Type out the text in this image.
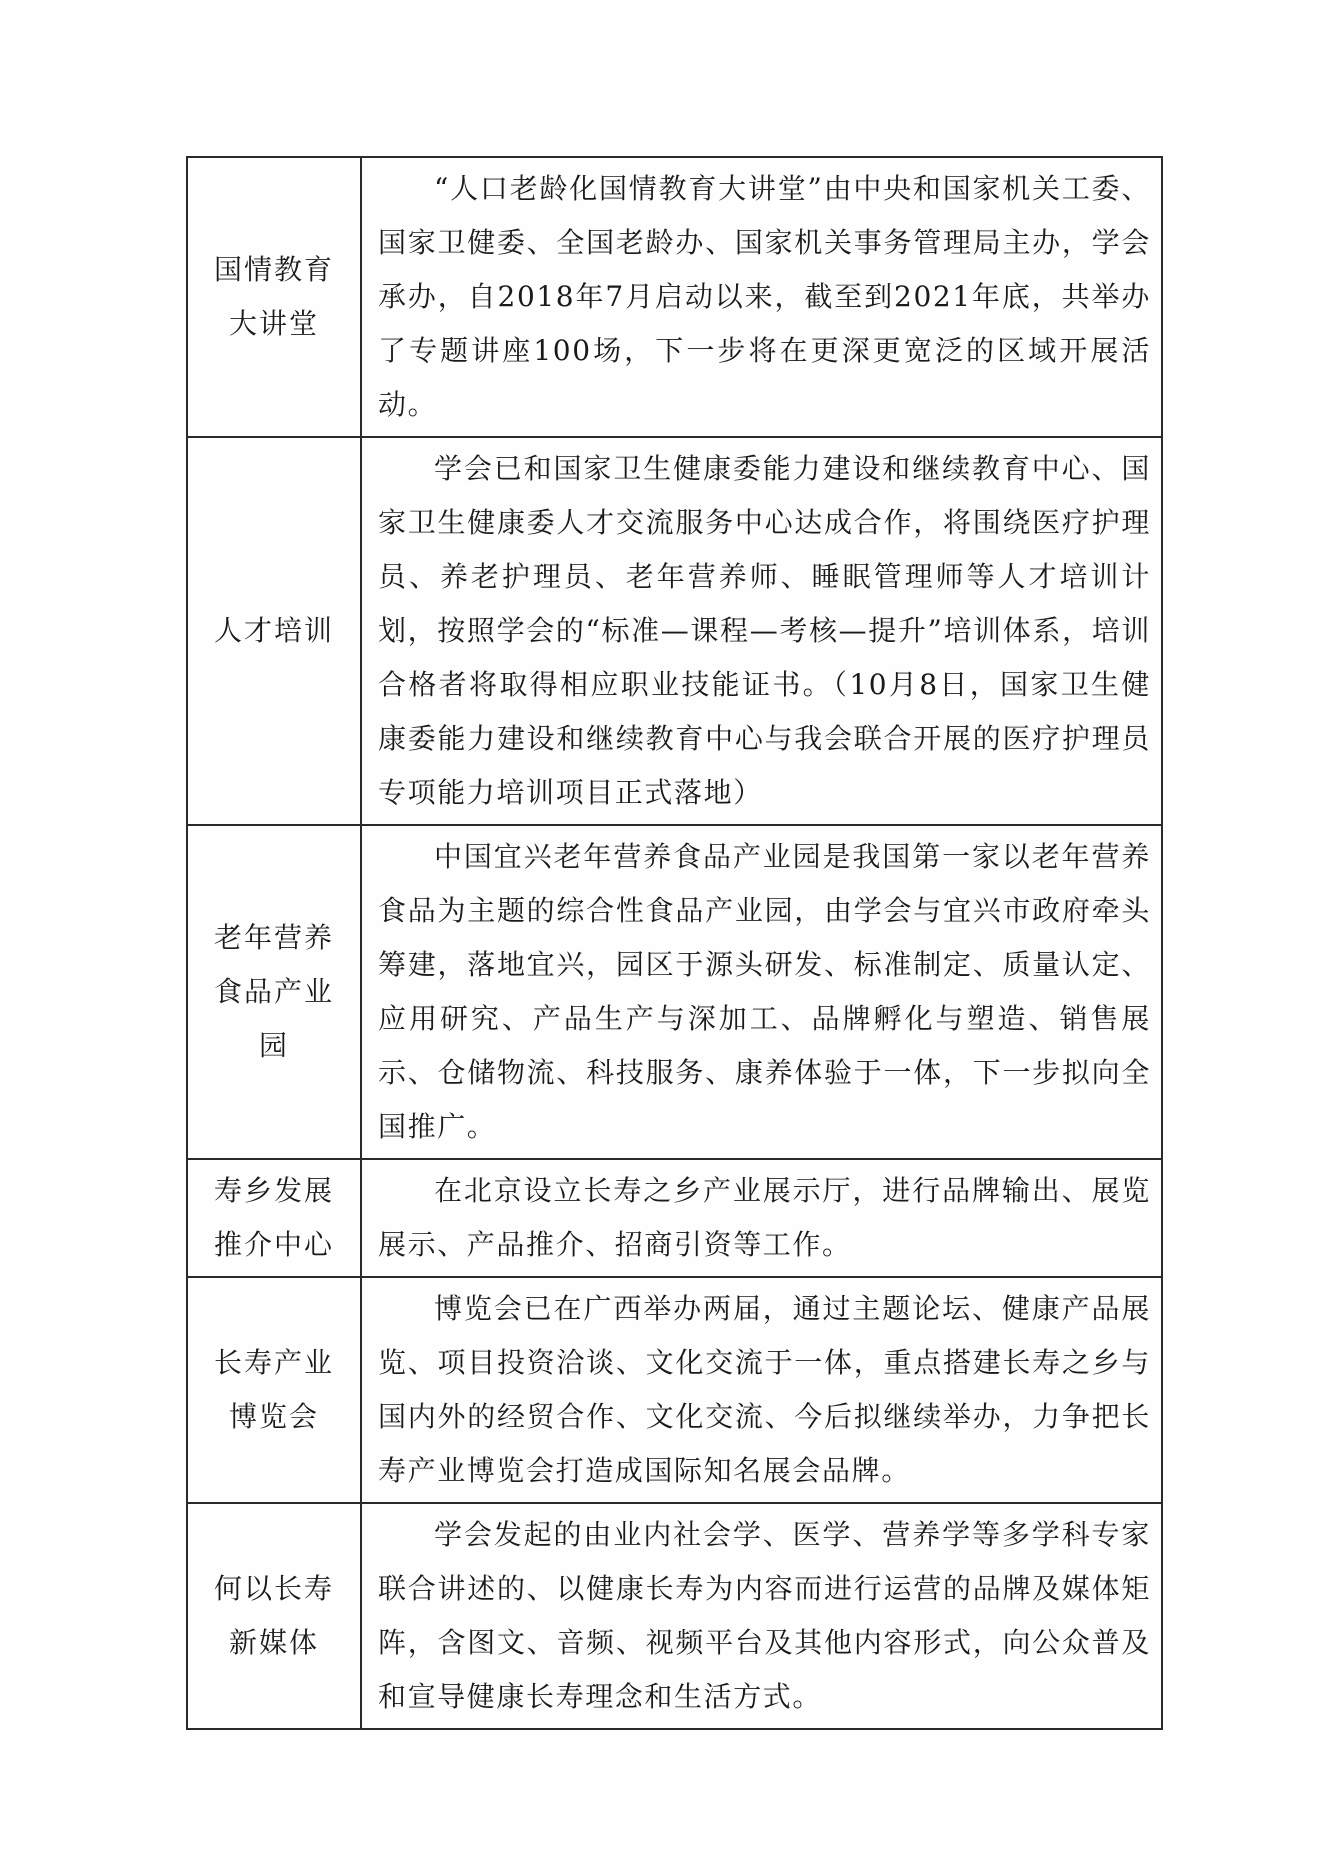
国情教育大讲堂	“人口老龄化国情教育大讲堂”由中央和国家机关工委、国家卫健委、全国老龄办、国家机关事务管理局主办，学会承办，自2018年7月启动以来，截至到2021年底，共举办了专题讲座100场，下一步将在更深更宽泛的区域开展活动。

人才培训	学会已和国家卫生健康委能力建设和继续教育中心、国家卫生健康委人才交流服务中心达成合作，将围绕医疗护理员、养老护理员、老年营养师、睡眠管理师等人才培训计划，按照学会的“标准—课程—考核—提升”培训体系，培训合格者将取得相应职业技能证书。（10月8日，国家卫生健康委能力建设和继续教育中心与我会联合开展的医疗护理员专项能力培训项目正式落地）

老年营养食品产业园	中国宜兴老年营养食品产业园是我国第一家以老年营养食品为主题的综合性食品产业园，由学会与宜兴市政府牵头筹建，落地宜兴，园区于源头研发、标准制定、质量认定、应用研究、产品生产与深加工、品牌孵化与塑造、销售展示、仓储物流、科技服务、康养体验于一体，下一步拟向全国推广。

寿乡发展推介中心	在北京设立长寿之乡产业展示厅，进行品牌输出、展览展示、产品推介、招商引资等工作。

长寿产业博览会	博览会已在广西举办两届，通过主题论坛、健康产品展览、项目投资洽谈、文化交流于一体，重点搭建长寿之乡与国内外的经贸合作、文化交流、今后拟继续举办，力争把长寿产业博览会打造成国际知名展会品牌。

何以长寿新媒体	学会发起的由业内社会学、医学、营养学等多学科专家联合讲述的、以健康长寿为内容而进行运营的品牌及媒体矩阵，含图文、音频、视频平台及其他内容形式，向公众普及和宣导健康长寿理念和生活方式。
